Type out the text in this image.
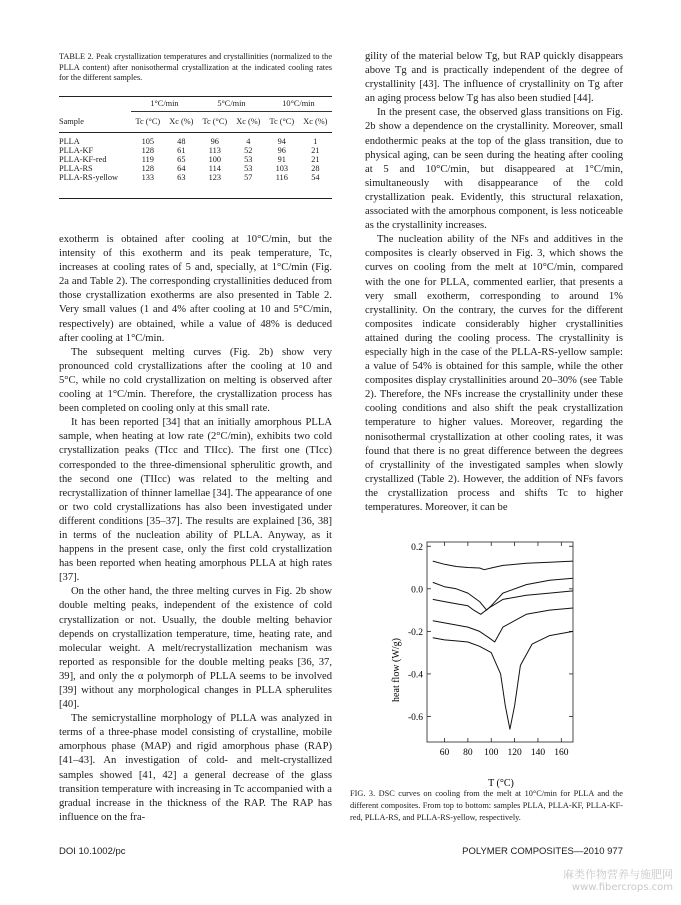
TABLE 2. Peak crystallization temperatures and crystallinities (normalized to the PLLA content) after nonisothermal crystallization at the indicated cooling rates for the different samples.
	1°C/min		5°C/min		10°C/min	
Sample	Tc (°C)	Xc (%)	Tc (°C)	Xc (%)	Tc (°C)	Xc (%)

PLLA	105	48	96	4	94	1
PLLA-KF	128	61	113	52	96	21
PLLA-KF-red	119	65	100	53	91	21
PLLA-RS	128	64	114	53	103	28
PLLA-RS-yellow	133	63	123	57	116	54

exotherm is obtained after cooling at 10°C/min, but the intensity of this exotherm and its peak temperature, Tc, increases at cooling rates of 5 and, specially, at 1°C/min (Fig. 2a and Table 2). The corresponding crystallinities deduced from those crystallization exotherms are also presented in Table 2. Very small values (1 and 4% after cooling at 10 and 5°C/min, respectively) are obtained, while a value of 48% is deduced after cooling at 1°C/min.

The subsequent melting curves (Fig. 2b) show very pronounced cold crystallizations after the cooling at 10 and 5°C, while no cold crystallization on melting is observed after cooling at 1°C/min. Therefore, the crystallization process has been completed on cooling only at this small rate.

It has been reported [34] that an initially amorphous PLLA sample, when heating at low rate (2°C/min), exhibits two cold crystallization peaks (TIcc and TIIcc). The first one (TIcc) corresponded to the three-dimensional spherulitic growth, and the second one (TIIcc) was related to the melting and recrystallization of thinner lamellae [34]. The appearance of one or two cold crystallizations has also been investigated under different conditions [35–37]. The results are explained [36, 38] in terms of the nucleation ability of PLLA. Anyway, as it happens in the present case, only the first cold crystallization has been reported when heating amorphous PLLA at high rates [37].

On the other hand, the three melting curves in Fig. 2b show double melting peaks, independent of the existence of cold crystallization or not. Usually, the double melting behavior depends on crystallization temperature, time, heating rate, and molecular weight. A melt/recrystallization mechanism was reported as responsible for the double melting peaks [36, 37, 39], and only the α polymorph of PLLA seems to be involved [39] without any morphological changes in PLLA spherulites [40].

The semicrystalline morphology of PLLA was analyzed in terms of a three-phase model consisting of crystalline, mobile amorphous phase (MAP) and rigid amorphous phase (RAP) [41–43]. An investigation of cold- and melt-crystallized samples showed [41, 42] a general decrease of the glass transition temperature with increasing in Tc accompanied with a gradual increase in the thickness of the RAP. The RAP has influence on the fra-

gility of the material below Tg, but RAP quickly disappears above Tg and is practically independent of the degree of crystallinity [43]. The influence of crystallinity on Tg after an aging process below Tg has also been studied [44].

In the present case, the observed glass transitions on Fig. 2b show a dependence on the crystallinity. Moreover, small endothermic peaks at the top of the glass transition, due to physical aging, can be seen during the heating after cooling at 5 and 10°C/min, but disappeared at 1°C/min, simultaneously with disappearance of the cold crystallization peak. Evidently, this structural relaxation, associated with the amorphous component, is less noticeable as the crystallinity increases.

The nucleation ability of the NFs and additives in the composites is clearly observed in Fig. 3, which shows the curves on cooling from the melt at 10°C/min, compared with the one for PLLA, commented earlier, that presents a very small exotherm, corresponding to around 1% crystallinity. On the contrary, the curves for the different composites indicate considerably higher crystallinities attained during the cooling process. The crystallinity is especially high in the case of the PLLA-RS-yellow sample: a value of 54% is obtained for this sample, while the other composites display crystallinities around 20–30% (see Table 2). Therefore, the NFs increase the crystallinity under these cooling conditions and also shift the peak crystallization temperature to higher values. Moreover, regarding the nonisothermal crystallization at other cooling rates, it was found that there is no great difference between the degrees of crystallinity of the investigated samples when slowly crystallized (Table 2). However, the addition of NFs favors the crystallization process and shifts Tc to higher temperatures. Moreover, it can be

60 80 100 120 140 160
0.2
0.0
-0.2
-0.4
-0.6
T (°C)
heat flow (W/g)
FIG. 3. DSC curves on cooling from the melt at 10°C/min for PLLA and the different composites. From top to bottom: samples PLLA, PLLA-KF, PLLA-KF-red, PLLA-RS, and PLLA-RS-yellow, respectively.
DOI 10.1002/pc	POLYMER COMPOSITES—2010 977
麻类作物营养与施肥网
www.fibercrops.com
